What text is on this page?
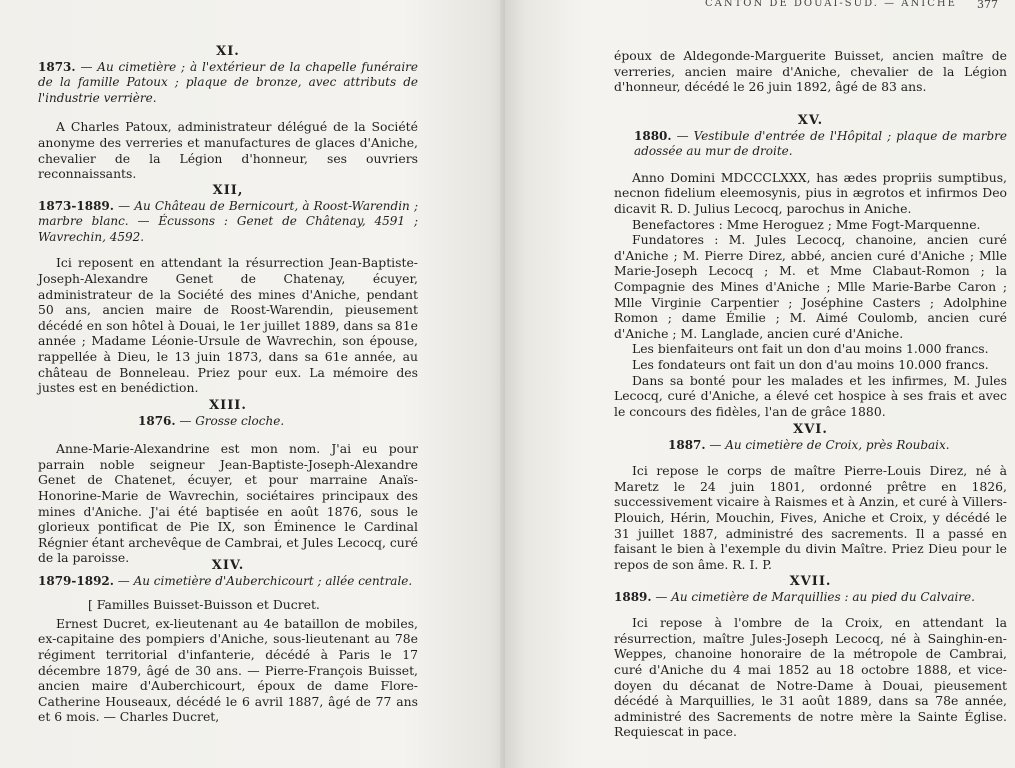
XI.

1873. — Au cimetière ; à l'extérieur de la chapelle funéraire de la famille Patoux ; plaque de bronze, avec attributs de l'industrie verrière.

A Charles Patoux, administrateur délégué de la Société anonyme des verreries et manufactures de glaces d'Aniche, chevalier de la Légion d'honneur, ses ouvriers reconnaissants.

XII,

1873-1889. — Au Château de Bernicourt, à Roost-Warendin ; marbre blanc. — Écussons : Genet de Châtenay, 4591 ; Wavrechin, 4592.

Ici reposent en attendant la résurrection Jean-Baptiste-Joseph-Alexandre Genet de Chatenay, écuyer, administrateur de la Société des mines d'Aniche, pendant 50 ans, ancien maire de Roost-Warendin, pieusement décédé en son hôtel à Douai, le 1er juillet 1889, dans sa 81e année ; Madame Léonie-Ursule de Wavrechin, son épouse, rappellée à Dieu, le 13 juin 1873, dans sa 61e année, au château de Bonneleau. Priez pour eux. La mémoire des justes est en benédiction.

XIII.

1876. — Grosse cloche.

Anne-Marie-Alexandrine est mon nom. J'ai eu pour parrain noble seigneur Jean-Baptiste-Joseph-Alexandre Genet de Chatenet, écuyer, et pour marraine Anaïs-Honorine-Marie de Wavrechin, sociétaires principaux des mines d'Aniche. J'ai été baptisée en août 1876, sous le glorieux pontificat de Pie IX, son Éminence le Cardinal Régnier étant archevêque de Cambrai, et Jules Lecocq, curé de la paroisse.

XIV.

1879-1892. — Au cimetière d'Auberchicourt ; allée centrale.

[ Familles Buisset-Buisson et Ducret.

Ernest Ducret, ex-lieutenant au 4e bataillon de mobiles, ex-capitaine des pompiers d'Aniche, sous-lieutenant au 78e régiment territorial d'infanterie, décédé à Paris le 17 décembre 1879, âgé de 30 ans. — Pierre-François Buisset, ancien maire d'Auberchicourt, époux de dame Flore-Catherine Houseaux, décédé le 6 avril 1887, âgé de 77 ans et 6 mois. — Charles Ducret,

CANTON DE DOUAI-SUD. — ANICHE	377

époux de Aldegonde-Marguerite Buisset, ancien maître de verreries, ancien maire d'Aniche, chevalier de la Légion d'honneur, décédé le 26 juin 1892, âgé de 83 ans.

XV.

1880. — Vestibule d'entrée de l'Hôpital ; plaque de marbre adossée au mur de droite.

Anno Domini MDCCCLXXX, has ædes propriis sumptibus, necnon fidelium eleemosynis, pius in ægrotos et infirmos Deo dicavit R. D. Julius Lecocq, parochus in Aniche.

Benefactores : Mme Heroguez ; Mme Fogt-Marquenne.

Fundatores : M. Jules Lecocq, chanoine, ancien curé d'Aniche ; M. Pierre Direz, abbé, ancien curé d'Aniche ; Mlle Marie-Joseph Lecocq ; M. et Mme Clabaut-Romon ; la Compagnie des Mines d'Aniche ; Mlle Marie-Barbe Caron ; Mlle Virginie Carpentier ; Joséphine Casters ; Adolphine Romon ; dame Émilie ; M. Aimé Coulomb, ancien curé d'Aniche ; M. Langlade, ancien curé d'Aniche.

Les bienfaiteurs ont fait un don d'au moins 1.000 francs.

Les fondateurs ont fait un don d'au moins 10.000 francs.

Dans sa bonté pour les malades et les infirmes, M. Jules Lecocq, curé d'Aniche, a élevé cet hospice à ses frais et avec le concours des fidèles, l'an de grâce 1880.

XVI.

1887. — Au cimetière de Croix, près Roubaix.

Ici repose le corps de maître Pierre-Louis Direz, né à Maretz le 24 juin 1801, ordonné prêtre en 1826, successivement vicaire à Raismes et à Anzin, et curé à Villers-Plouich, Hérin, Mouchin, Fives, Aniche et Croix, y décédé le 31 juillet 1887, administré des sacrements. Il a passé en faisant le bien à l'exemple du divin Maître. Priez Dieu pour le repos de son âme. R. I. P.

XVII.

1889. — Au cimetière de Marquillies : au pied du Calvaire.

Ici repose à l'ombre de la Croix, en attendant la résurrection, maître Jules-Joseph Lecocq, né à Sainghin-en-Weppes, chanoine honoraire de la métropole de Cambrai, curé d'Aniche du 4 mai 1852 au 18 octobre 1888, et vice-doyen du décanat de Notre-Dame à Douai, pieusement décédé à Marquillies, le 31 août 1889, dans sa 78e année, administré des Sacrements de notre mère la Sainte Église. Requiescat in pace.
